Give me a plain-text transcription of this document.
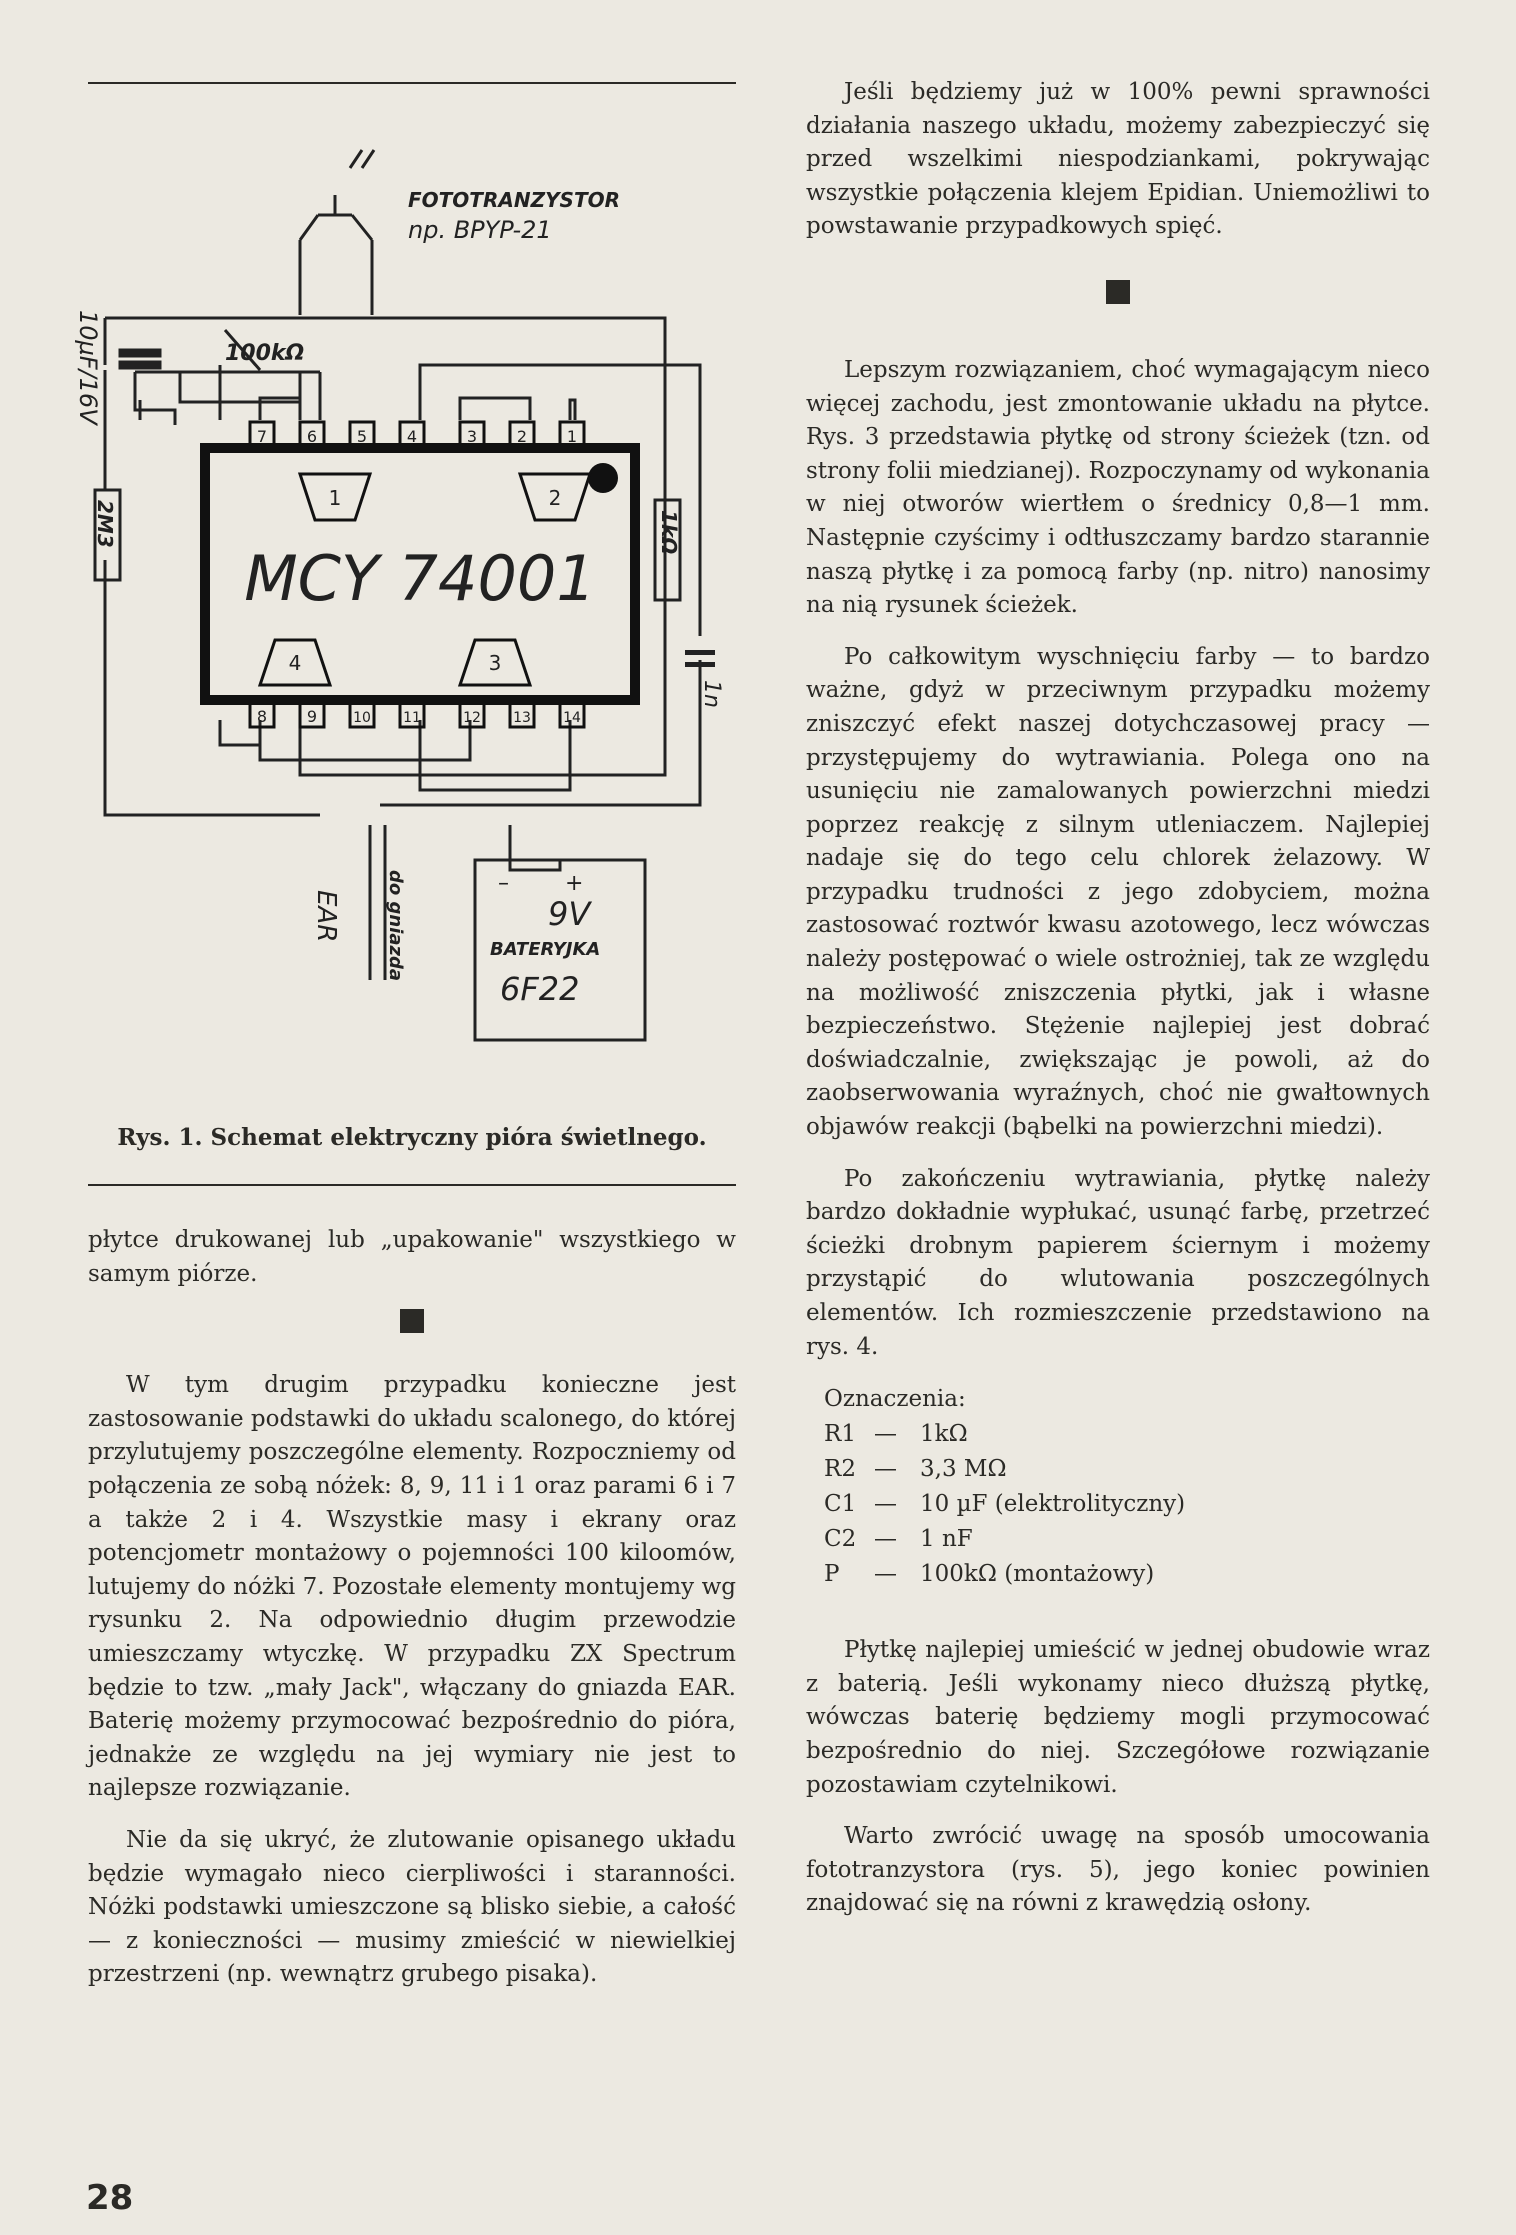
7 6 5 4	3 2 1
8 9	10 11	12 13 14
1	2
4	3
FOTOTRANZYSTOR
np. BPYP-21
10µF/16V	100kΩ
2M3	1kΩ
MCY 74001
1n
EAR do gniazda	9V
BATERYJKA
6F22
–	+
Rys. 1. Schemat elektryczny pióra świetlnego.

płytce drukowanej lub „upakowanie" wszystkiego w samym piórze.

W tym drugim przypadku konieczne jest zastosowanie podstawki do układu scalonego, do której przylutujemy poszczególne elementy. Rozpoczniemy od połączenia ze sobą nóżek: 8, 9, 11 i 1 oraz parami 6 i 7 a także 2 i 4. Wszystkie masy i ekrany oraz potencjometr montażowy o pojemności 100 kiloomów, lutujemy do nóżki 7. Pozostałe elementy montujemy wg rysunku 2. Na odpowiednio długim przewodzie umieszczamy wtyczkę. W przypadku ZX Spectrum będzie to tzw. „mały Jack", włączany do gniazda EAR. Baterię możemy przymocować bezpośrednio do pióra, jednakże ze względu na jej wymiary nie jest to najlepsze rozwiązanie.

Nie da się ukryć, że zlutowanie opisanego układu będzie wymagało nieco cierpliwości i staranności. Nóżki podstawki umieszczone są blisko siebie, a całość — z konieczności — musimy zmieścić w niewielkiej przestrzeni (np. wewnątrz grubego pisaka).

Jeśli będziemy już w 100% pewni sprawności działania naszego układu, możemy zabezpieczyć się przed wszelkimi niespodziankami, pokrywając wszystkie połączenia klejem Epidian. Uniemożliwi to powstawanie przypadkowych spięć.

Lepszym rozwiązaniem, choć wymagającym nieco więcej zachodu, jest zmontowanie układu na płytce. Rys. 3 przedstawia płytkę od strony ścieżek (tzn. od strony folii miedzianej). Rozpoczynamy od wykonania w niej otworów wiertłem o średnicy 0,8—1 mm. Następnie czyścimy i odtłuszczamy bardzo starannie naszą płytkę i za pomocą farby (np. nitro) nanosimy na nią rysunek ścieżek.

Po całkowitym wyschnięciu farby — to bardzo ważne, gdyż w przeciwnym przypadku możemy zniszczyć efekt naszej dotychczasowej pracy — przystępujemy do wytrawiania. Polega ono na usunięciu nie zamalowanych powierzchni miedzi poprzez reakcję z silnym utleniaczem. Najlepiej nadaje się do tego celu chlorek żelazowy. W przypadku trudności z jego zdobyciem, można zastosować roztwór kwasu azotowego, lecz wówczas należy postępować o wiele ostrożniej, tak ze względu na możliwość zniszczenia płytki, jak i własne bezpieczeństwo. Stężenie najlepiej jest dobrać doświadczalnie, zwiększając je powoli, aż do zaobserwowania wyraźnych, choć nie gwałtownych objawów reakcji (bąbelki na powierzchni miedzi).

Po zakończeniu wytrawiania, płytkę należy bardzo dokładnie wypłukać, usunąć farbę, przetrzeć ścieżki drobnym papierem ściernym i możemy przystąpić do wlutowania poszczególnych elementów. Ich rozmieszczenie przedstawiono na rys. 4.

Oznaczenia:
R1 —	1kΩ
R2 —	3,3 MΩ
C1 —	10 µF (elektrolityczny)
C2 —	1 nF
P	—	100kΩ (montażowy)

Płytkę najlepiej umieścić w jednej obudowie wraz z baterią. Jeśli wykonamy nieco dłuższą płytkę, wówczas baterię będziemy mogli przymocować bezpośrednio do niej. Szczegółowe rozwiązanie pozostawiam czytelnikowi.

Warto zwrócić uwagę na sposób umocowania fototranzystora (rys. 5), jego koniec powinien znajdować się na równi z krawędzią osłony.

28
